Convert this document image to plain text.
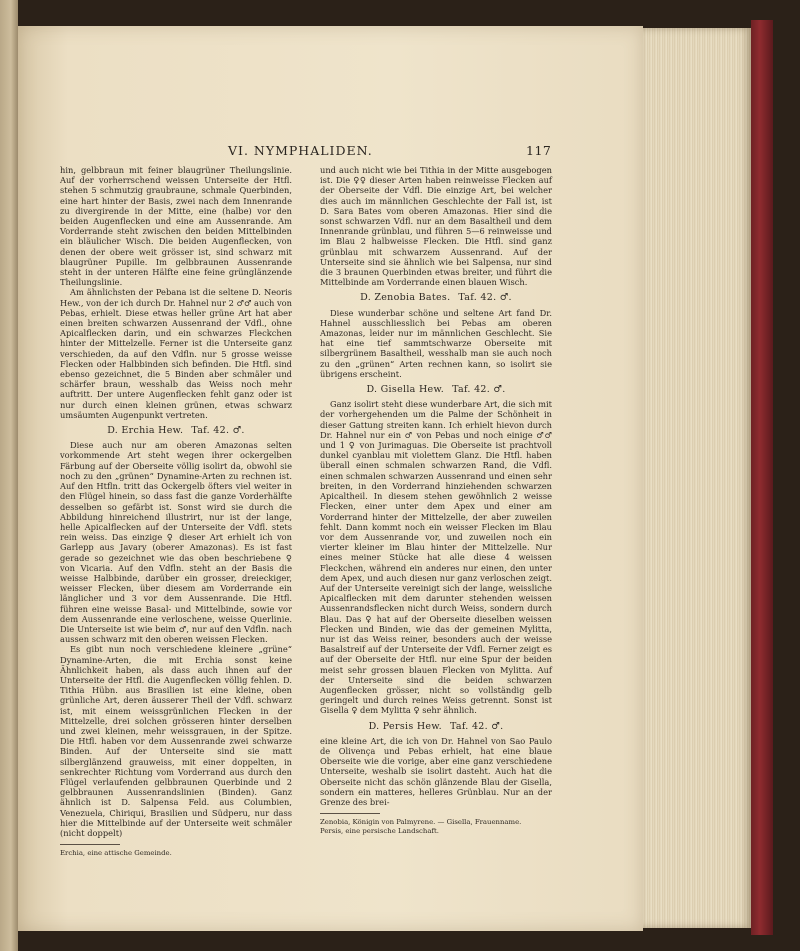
VI. NYMPHALIDEN.	117

hin, gelbbraun mit feiner blaugrüner Theilungslinie. Auf der vorherrschend weissen Unterseite der Htfl. stehen 5 schmutzig graubraune, schmale Querbinden, eine hart hinter der Basis, zwei nach dem Innenrande zu divergirende in der Mitte, eine (halbe) vor den beiden Augenflecken und eine am Aussenrande. Am Vorderrande steht zwischen den beiden Mittelbinden ein bläulicher Wisch. Die beiden Augenflecken, von denen der obere weit grösser ist, sind schwarz mit blaugrüner Pupille. Im gelbbraunen Aussenrande steht in der unteren Hälfte eine feine grünglänzende Theilungslinie.

Am ähnlichsten der Pebana ist die seltene D. Neoris Hew., von der ich durch Dr. Hahnel nur 2 ♂♂ auch von Pebas, erhielt. Diese etwas heller grüne Art hat aber einen breiten schwarzen Aussenrand der Vdfl., ohne Apicalflecken darin, und ein schwarzes Fleckchen hinter der Mittelzelle. Ferner ist die Unterseite ganz verschieden, da auf den Vdfln. nur 5 grosse weisse Flecken oder Halbbinden sich befinden. Die Htfl. sind ebenso gezeichnet, die 5 Binden aber schmäler und schärfer braun, wesshalb das Weiss noch mehr auftritt. Der untere Augenflecken fehlt ganz oder ist nur durch einen kleinen grünen, etwas schwarz umsäumten Augenpunkt vertreten.

D. Erchia Hew. Taf. 42. ♂.

Diese auch nur am oberen Amazonas selten vorkommende Art steht wegen ihrer ockergelben Färbung auf der Oberseite völlig isolirt da, obwohl sie noch zu den „grünen“ Dynamine-Arten zu rechnen ist. Auf den Htfln. tritt das Ockergelb öfters viel weiter in den Flügel hinein, so dass fast die ganze Vorderhälfte desselben so gefärbt ist. Sonst wird sie durch die Abbildung hinreichend illustrirt, nur ist der lange, helle Apicalflecken auf der Unterseite der Vdfl. stets rein weiss. Das einzige ♀ dieser Art erhielt ich von Garlepp aus Javary (oberer Amazonas). Es ist fast gerade so gezeichnet wie das oben beschriebene ♀ von Vicaria. Auf den Vdfln. steht an der Basis die weisse Halbbinde, darüber ein grosser, dreieckiger, weisser Flecken, über diesem am Vorderrande ein länglicher und 3 vor dem Aussenrande. Die Htfl. führen eine weisse Basal- und Mittelbinde, sowie vor dem Aussenrande eine verloschene, weisse Querlinie. Die Unterseite ist wie beim ♂, nur auf den Vdfln. nach aussen schwarz mit den oberen weissen Flecken.

Es gibt nun noch verschiedene kleinere „grüne“ Dynamine-Arten, die mit Erchia sonst keine Ähnlichkeit haben, als dass auch ihnen auf der Unterseite der Htfl. die Augenflecken völlig fehlen. D. Tithia Hübn. aus Brasilien ist eine kleine, oben grünliche Art, deren äusserer Theil der Vdfl. schwarz ist, mit einem weissgrünlichen Flecken in der Mittelzelle, drei solchen grösseren hinter derselben und zwei kleinen, mehr weissgrauen, in der Spitze. Die Htfl. haben vor dem Aussenrande zwei schwarze Binden. Auf der Unterseite sind sie matt silberglänzend grauweiss, mit einer doppelten, in senkrechter Richtung vom Vorderrand aus durch den Flügel verlaufenden gelbbraunen Querbinde und 2 gelbbraunen Aussenrandslinien (Binden). Ganz ähnlich ist D. Salpensa Feld. aus Columbien, Venezuela, Chiriqui, Brasilien und Südperu, nur dass hier die Mittelbinde auf der Unterseite weit schmäler (nicht doppelt)

Erchia, eine attische Gemeinde.

und auch nicht wie bei Tithia in der Mitte ausgebogen ist. Die ♀♀ dieser Arten haben reinweisse Flecken auf der Oberseite der Vdfl. Die einzige Art, bei welcher dies auch im männlichen Geschlechte der Fall ist, ist D. Sara Bates vom oberen Amazonas. Hier sind die sonst schwarzen Vdfl. nur an dem Basaltheil und dem Innenrande grünblau, und führen 5—6 reinweisse und im Blau 2 halbweisse Flecken. Die Htfl. sind ganz grünblau mit schwarzem Aussenrand. Auf der Unterseite sind sie ähnlich wie bei Salpensa, nur sind die 3 braunen Querbinden etwas breiter, und führt die Mittelbinde am Vorderrande einen blauen Wisch.

D. Zenobia Bates. Taf. 42. ♂.

Diese wunderbar schöne und seltene Art fand Dr. Hahnel ausschliesslich bei Pebas am oberen Amazonas, leider nur im männlichen Geschlecht. Sie hat eine tief sammtschwarze Oberseite mit silbergrünem Basaltheil, wesshalb man sie auch noch zu den „grünen“ Arten rechnen kann, so isolirt sie übrigens erscheint.

D. Gisella Hew. Taf. 42. ♂.

Ganz isolirt steht diese wunderbare Art, die sich mit der vorhergehenden um die Palme der Schönheit in dieser Gattung streiten kann. Ich erhielt hievon durch Dr. Hahnel nur ein ♂ von Pebas und noch einige ♂♂ und 1 ♀ von Jurimaguas. Die Oberseite ist prachtvoll dunkel cyanblau mit violettem Glanz. Die Htfl. haben überall einen schmalen schwarzen Rand, die Vdfl. einen schmalen schwarzen Aussenrand und einen sehr breiten, in den Vorderrand hinziehenden schwarzen Apicaltheil. In diesem stehen gewöhnlich 2 weisse Flecken, einer unter dem Apex und einer am Vorderrand hinter der Mittelzelle, der aber zuweilen fehlt. Dann kommt noch ein weisser Flecken im Blau vor dem Aussenrande vor, und zuweilen noch ein vierter kleiner im Blau hinter der Mittelzelle. Nur eines meiner Stücke hat alle diese 4 weissen Fleckchen, während ein anderes nur einen, den unter dem Apex, und auch diesen nur ganz verloschen zeigt. Auf der Unterseite vereinigt sich der lange, weissliche Apicalflecken mit dem darunter stehenden weissen Aussenrandsflecken nicht durch Weiss, sondern durch Blau. Das ♀ hat auf der Oberseite dieselben weissen Flecken und Binden, wie das der gemeinen Mylitta, nur ist das Weiss reiner, besonders auch der weisse Basalstreif auf der Unterseite der Vdfl. Ferner zeigt es auf der Oberseite der Htfl. nur eine Spur der beiden meist sehr grossen blauen Flecken von Mylitta. Auf der Unterseite sind die beiden schwarzen Augenflecken grösser, nicht so vollständig gelb geringelt und durch reines Weiss getrennt. Sonst ist Gisella ♀ dem Mylitta ♀ sehr ähnlich.

D. Persis Hew. Taf. 42. ♂.

eine kleine Art, die ich von Dr. Hahnel von Sao Paulo de Olivença und Pebas erhielt, hat eine blaue Oberseite wie die vorige, aber eine ganz verschiedene Unterseite, weshalb sie isolirt dasteht. Auch hat die Oberseite nicht das schön glänzende Blau der Gisella, sondern ein matteres, helleres Grünblau. Nur an der Grenze des brei-

Zenobia, Königin von Palmyrene. — Gisella, Frauenname.
Persis, eine persische Landschaft.
